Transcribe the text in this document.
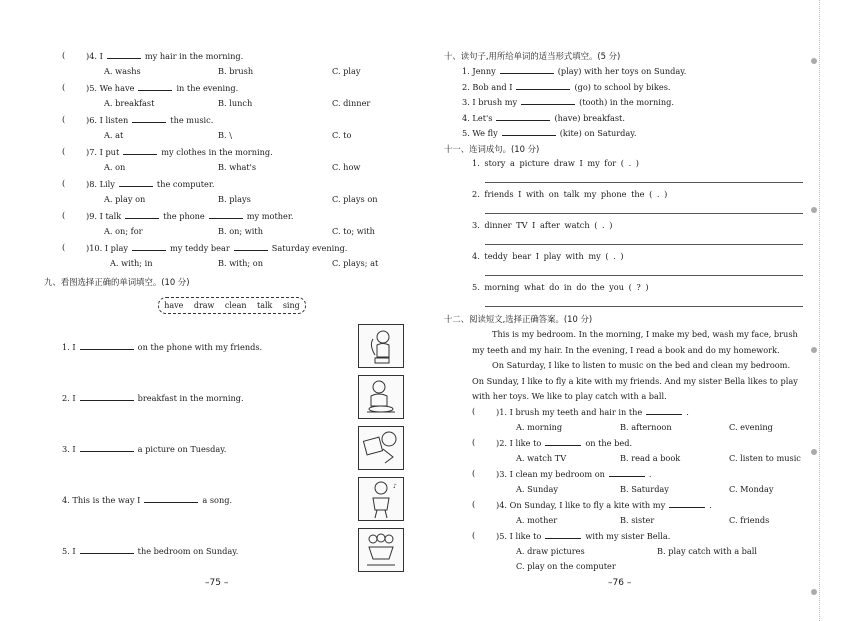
(	)4. I	my hair in the morning.
A. washs	B. brush	C. play
(	)5. We have	in the evening.
A. breakfast	B. lunch	C. dinner
(	)6. I listen	the music.
A. at	B. \	C. to
(	)7. I put	my clothes in the morning.
A. on	B. what's	C. how
(	)8. Lily	the computer.
A. play on	B. plays	C. plays on
(	)9. I talk	the phone	my mother.
A. on; for	B. on; with	C. to; with
(	)10. I play	my teddy bear	Saturday evening.
A. with; in	B. with; on	C. plays; at
九、看图选择正确的单词填空。(10 分)
have draw clean talk sing
1. I	on the phone with my friends.
2. I	breakfast in the morning.
3. I	a picture on Tuesday.
4. This is the way I	a song.
5. I	the bedroom on Sunday.
♪
–75 –
十、读句子,用所给单词的适当形式填空。(5 分)
1. Jenny	(play) with her toys on Sunday.
2. Bob and I	(go) to school by bikes.
3. I brush my	(tooth) in the morning.
4. Let's	(have) breakfast.
5. We fly	(kite) on Saturday.
十一、连词成句。(10 分)
1. story a picture draw I my for ( . )
2. friends I with on talk my phone the ( . )
3. dinner TV I after watch ( . )
4. teddy bear I play with my ( . )
5. morning what do in do the you ( ? )
十二、阅读短文,选择正确答案。(10 分)
This is my bedroom. In the morning, I make my bed, wash my face, brush
my teeth and my hair. In the evening, I read a book and do my homework.
On Saturday, I like to listen to music on the bed and clean my bedroom.
On Sunday, I like to fly a kite with my friends. And my sister Bella likes to play
with her toys. We like to play catch with a ball.
(	)1. I brush my teeth and hair in the	.
A. morning	B. afternoon	C. evening
(	)2. I like to	on the bed.
A. watch TV	B. read a book	C. listen to music
(	)3. I clean my bedroom on	.
A. Sunday	B. Saturday	C. Monday
(	)4. On Sunday, I like to fly a kite with my	.
A. mother	B. sister	C. friends
(	)5. I like to	with my sister Bella.
A. draw pictures	B. play catch with a ball
C. play on the computer
–76 –
